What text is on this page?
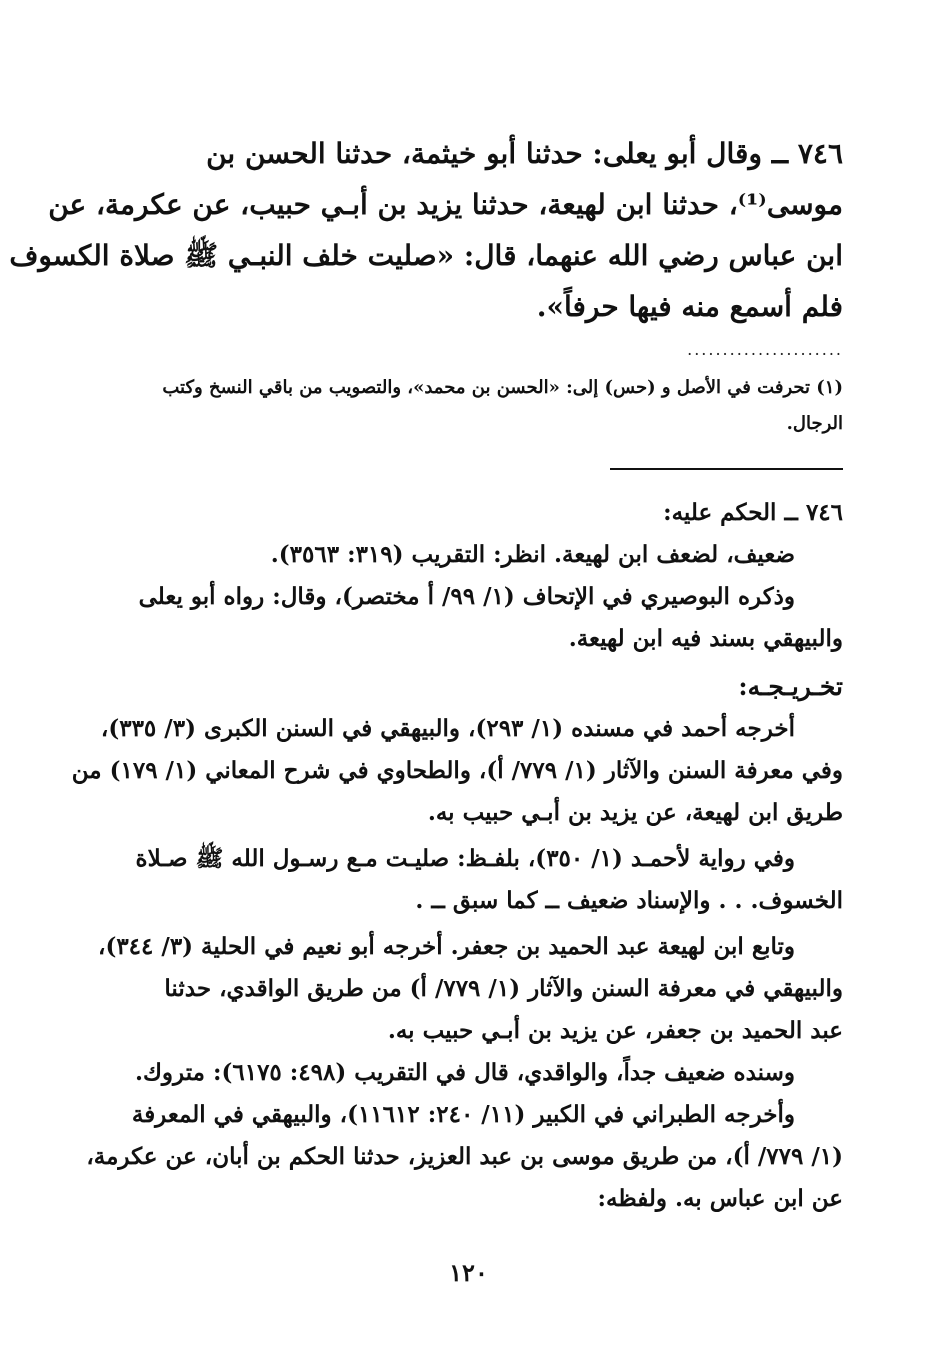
٧٤٦ ــ وقال أبو يعلى: حدثنا أبو خيثمة، حدثنا الحسن بن
موسى⁽¹⁾، حدثنا ابن لهيعة، حدثنا يزيد بن أبـي حبيب، عن عكرمة، عن
ابن عباس رضي الله عنهما، قال: «صليت خلف النبـي ﷺ صلاة الكسوف
فلم أسمع منه فيها حرفاً».
......................
(١) تحرفت في الأصل و (حس) إلى: «الحسن بن محمد»، والتصويب من باقي النسخ وكتب
الرجال.
٧٤٦ ــ الحكم عليه:
ضعيف، لضعف ابن لهيعة. انظر: التقريب (٣١٩: ٣٥٦٣).
وذكره البوصيري في الإتحاف (١/ ٩٩/ أ مختصر)، وقال: رواه أبو يعلى
والبيهقي بسند فيه ابن لهيعة.
تخـريـجـه:
أخرجه أحمد في مسنده (١/ ٢٩٣)، والبيهقي في السنن الكبرى (٣/ ٣٣٥)،
وفي معرفة السنن والآثار (١/ ٧٧٩/ أ)، والطحاوي في شرح المعاني (١/ ١٧٩) من
طريق ابن لهيعة، عن يزيد بن أبـي حبيب به.
وفي رواية لأحمـد (١/ ٣٥٠)، بلفـظ: صليـت مـع رسـول الله ﷺ صـلاة
الخسوف. . . والإسناد ضعيف ــ كما سبق ــ .
وتابع ابن لهيعة عبد الحميد بن جعفر. أخرجه أبو نعيم في الحلية (٣/ ٣٤٤)،
والبيهقي في معرفة السنن والآثار (١/ ٧٧٩/ أ) من طريق الواقدي، حدثنا
عبد الحميد بن جعفر، عن يزيد بن أبـي حبيب به.
وسنده ضعيف جداً، والواقدي، قال في التقريب (٤٩٨: ٦١٧٥): متروك.
وأخرجه الطبراني في الكبير (١١/ ٢٤٠: ١١٦١٢)، والبيهقي في المعرفة
(١/ ٧٧٩/ أ)، من طريق موسى بن عبد العزيز، حدثنا الحكم بن أبان، عن عكرمة،
عن ابن عباس به. ولفظه:
١٢٠
